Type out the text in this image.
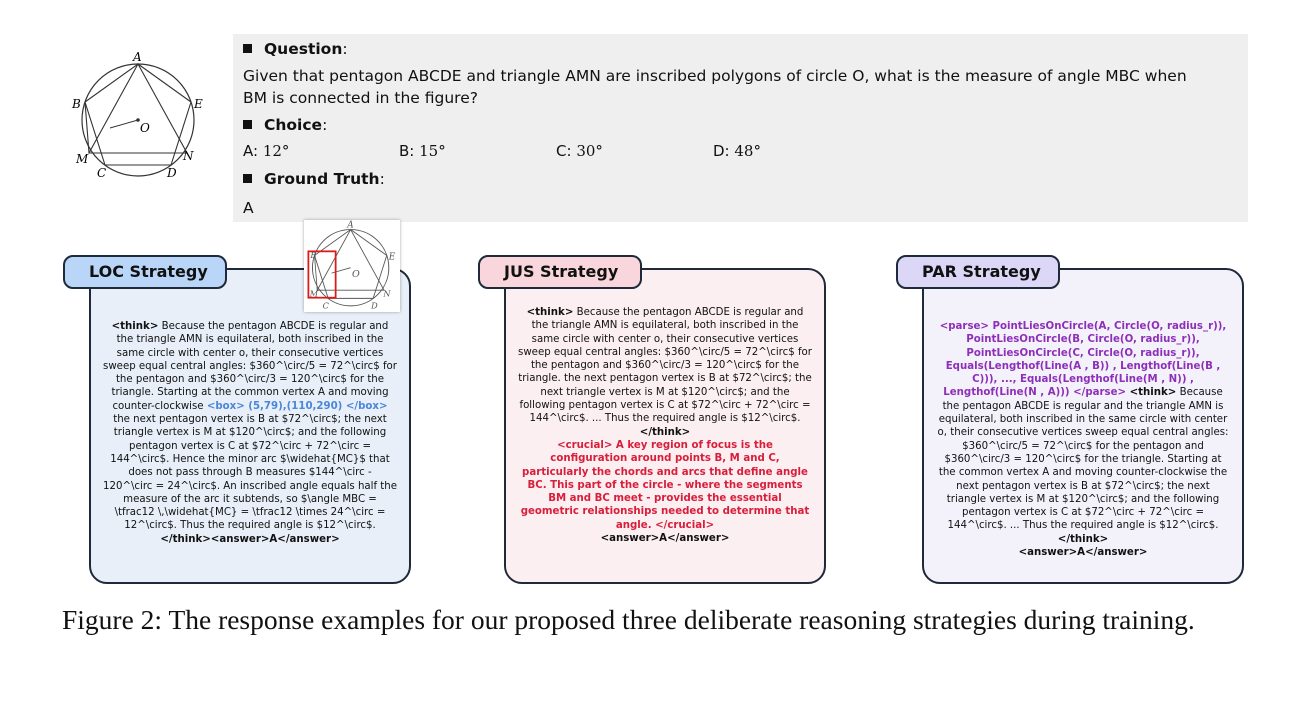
A
B	E
O
M	N
C	D
Question:
Given that pentagon ABCDE and triangle AMN are inscribed polygons of circle O, what is the measure of angle MBC when
BM is connected in the figure?
Choice:
A: 12°	B: 15°	C: 30°	D: 48°
Ground Truth:
A
<think> Because the pentagon ABCDE is regular and the triangle AMN is equilateral, both inscribed in the same circle with center o, their consecutive vertices sweep equal central angles: $360^\circ/5 = 72^\circ$ for the pentagon and $360^\circ/3 = 120^\circ$ for the triangle. Starting at the common vertex A and moving counter-clockwise <box> (5,79),(110,290) </box> the next pentagon vertex is B at $72^\circ$; the next triangle vertex is M at $120^\circ$; and the following pentagon vertex is C at $72^\circ + 72^\circ = 144^\circ$. Hence the minor arc $\widehat{MC}$ that does not pass through B measures $144^\circ - 120^\circ = 24^\circ$. An inscribed angle equals half the measure of the arc it subtends, so $\angle MBC = \tfrac12 \,\widehat{MC} = \tfrac12 \times 24^\circ = 12^\circ$. Thus the required angle is $12^\circ$.</think><answer>A</answer>
LOC Strategy
A
B	E
O
M	N
C	D
<think> Because the pentagon ABCDE is regular and the triangle AMN is equilateral, both inscribed in the same circle with center o, their consecutive vertices sweep equal central angles: $360^\circ/5 = 72^\circ$ for the pentagon and $360^\circ/3 = 120^\circ$ for the triangle. the next pentagon vertex is B at $72^\circ$; the next triangle vertex is M at $120^\circ$; and the following pentagon vertex is C at $72^\circ + 72^\circ = 144^\circ$. ... Thus the required angle is $12^\circ$.</think>
<crucial> A key region of focus is the configuration around points B, M and C, particularly the chords and arcs that define angle BC. This part of the circle - where the segments BM and BC meet - provides the essential geometric relationships needed to determine that angle. </crucial>
<answer>A</answer>
JUS Strategy
<parse> PointLiesOnCircle(A, Circle(O, radius_r)), PointLiesOnCircle(B, Circle(O, radius_r)), PointLiesOnCircle(C, Circle(O, radius_r)), Equals(Lengthof(Line(A , B)) , Lengthof(Line(B , C))), ..., Equals(Lengthof(Line(M , N)) , Lengthof(Line(N , A))) </parse> <think> Because the pentagon ABCDE is regular and the triangle AMN is equilateral, both inscribed in the same circle with center o, their consecutive vertices sweep equal central angles: $360^\circ/5 = 72^\circ$ for the pentagon and $360^\circ/3 = 120^\circ$ for the triangle. Starting at the common vertex A and moving counter-clockwise the next pentagon vertex is B at $72^\circ$; the next triangle vertex is M at $120^\circ$; and the following pentagon vertex is C at $72^\circ + 72^\circ = 144^\circ$. ... Thus the required angle is $12^\circ$.</think>
<answer>A</answer>
PAR Strategy
Figure 2: The response examples for our proposed three deliberate reasoning strategies during training.
